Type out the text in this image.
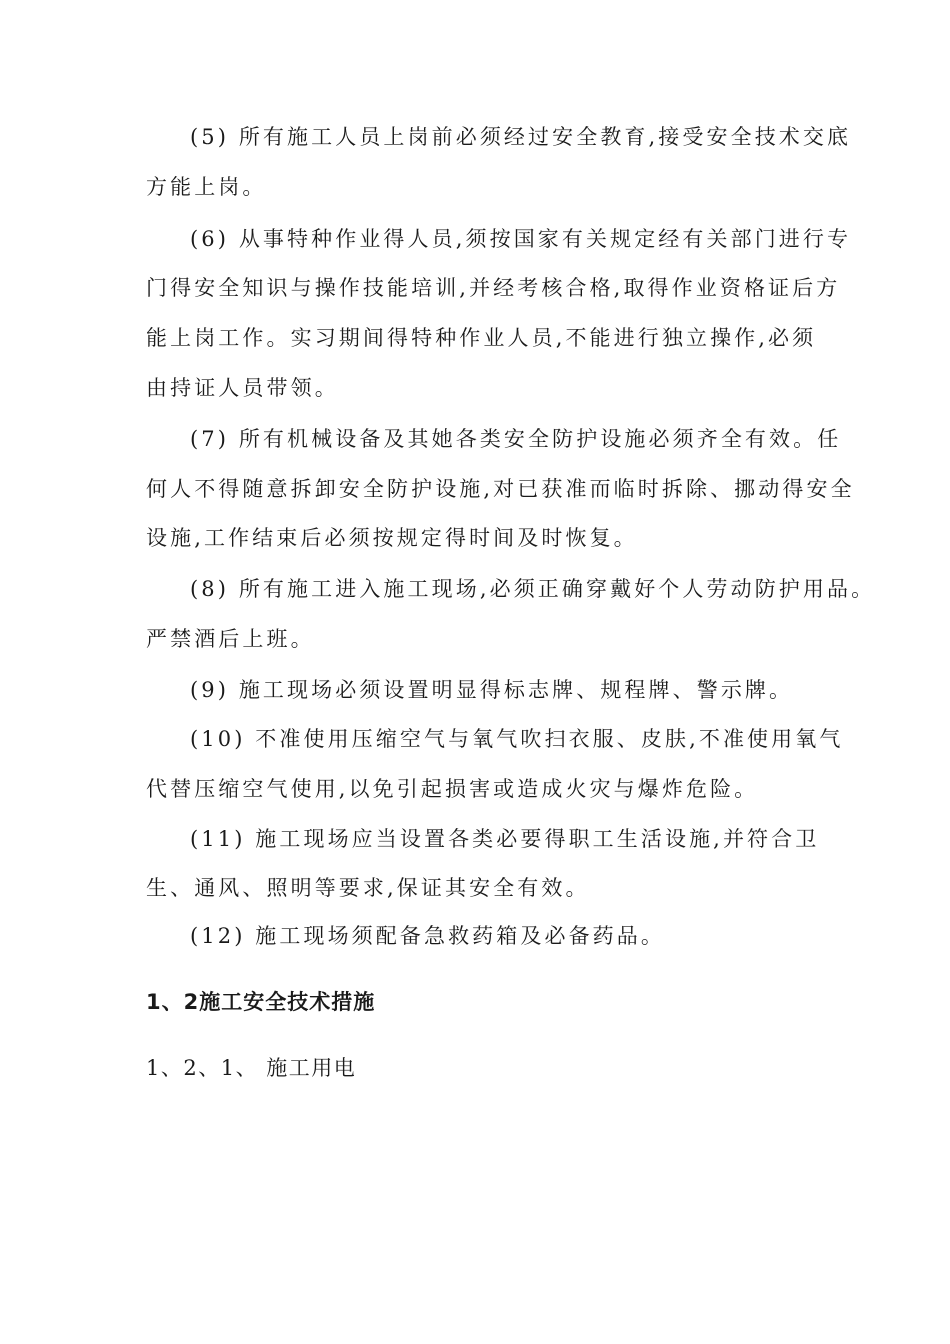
(5) 所有施工人员上岗前必须经过安全教育,接受安全技术交底
方能上岗。
(6) 从事特种作业得人员,须按国家有关规定经有关部门进行专
门得安全知识与操作技能培训,并经考核合格,取得作业资格证后方
能上岗工作。实习期间得特种作业人员,不能进行独立操作,必须
由持证人员带领。
(7) 所有机械设备及其她各类安全防护设施必须齐全有效。任
何人不得随意拆卸安全防护设施,对已获准而临时拆除、挪动得安全
设施,工作结束后必须按规定得时间及时恢复。
(8) 所有施工进入施工现场,必须正确穿戴好个人劳动防护用品。
严禁酒后上班。
(9) 施工现场必须设置明显得标志牌、规程牌、警示牌。
(10) 不准使用压缩空气与氧气吹扫衣服、皮肤,不准使用氧气
代替压缩空气使用,以免引起损害或造成火灾与爆炸危险。
(11) 施工现场应当设置各类必要得职工生活设施,并符合卫
生、通风、照明等要求,保证其安全有效。
(12) 施工现场须配备急救药箱及必备药品。
1、2施工安全技术措施
1、2、1、 施工用电
